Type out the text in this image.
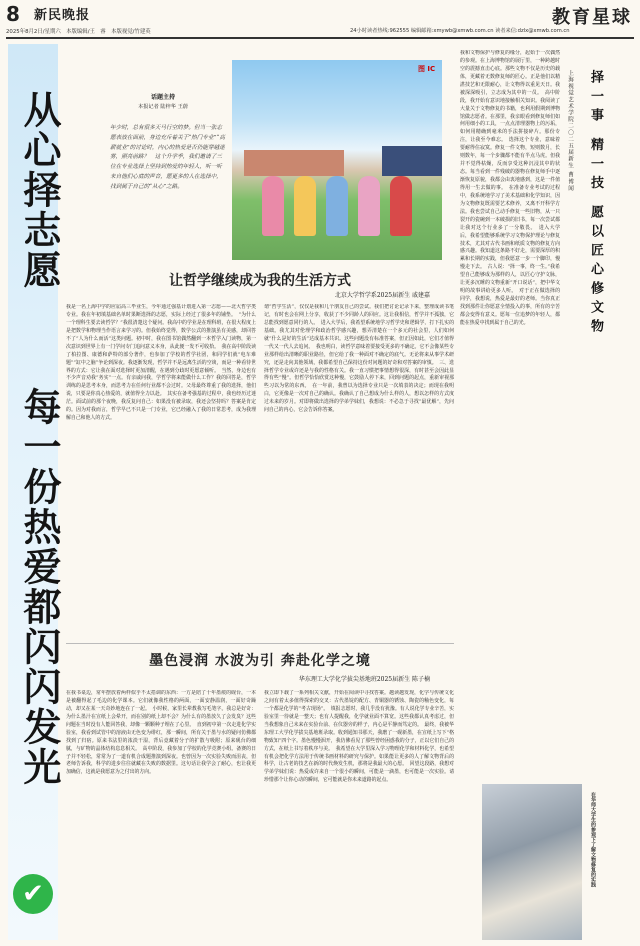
8 新民晚报	教育星球
2025年8月2日/星期六　本版编辑/王　睿　本版视觉/竹建英	24小时读者热线:962555 编辑邮箱:xmywb@xmwb.com.cn 读者来信:dzlx@xmwb.com.cn
从心择志愿
每一份热爱都闪闪发光
✔
话题主持
本报记者 陆梓华 王蔚
年少时，总有很多天马行空的梦。但当一张志愿表放在面前，身边充斥着关于“热门专业”“高薪就业”的讨论时，内心的热爱是否仍能穿越迷雾，照亮前路？　这个升学季，我们邀请了三位在专业选择上坚持到热爱的年轻人，听一听来自他们心底的声音，愿更多的人在选择中，找到属于自己的“从心”之路。
图 IC
让哲学继续成为我的生活方式
北京大学哲学系2025届新生 戚建嘉
我是一名上海中学的应届高三毕业生，今年通过强基计划进入第一志愿——北大哲学类专业。我在年初填基础名单时果断选择的志愿，实际上经过了很多年的铺垫。　“为什么一个理科生要去读哲学？”我很清楚这个疑问。我高中的学业是在理科班，在很大程度上是把数学和物理当作语言来学习的。但我始终觉得，数学公式的推演虽有美感，却回答不了“人为什么而活”这类问题。初中时，我在图书馆偶然翻到一本哲学入门读物，第一次意识到世界上有一门学问专门追问意义本身，从此便一发不可收拾。　我在高中阶段读了柏拉图、康德和萨特的部分著作，也参加了学校的哲学社团，和同学们就“电车难题”“缸中之脑”争论到深夜。我逐渐发现，哲学并不是远离生活的空谈，而是一种看待世界的方式：它让我在面对选择时更加清醒，在遇到分歧时更愿意倾听。　当然，身边也有不少声音劝我“务实”一点。有亲戚问我，学哲学将来能做什么工作？我的回答是，哲学训练的是思考本身，而思考力在任何行业都不会过时。父母最终尊重了我的选择，他们说，只要是你真心热爱的，就值得全力以赴。　其实在备考强基的过程中，我也经历过迷茫。面试前的那个夜晚，我反复问自己：如果没有被录取，我还会坚持吗？答案是肯定的。因为对我而言，哲学早已不只是一门专业，它已经融入了我的日常思考，成为我理解自己和他人的方式。
谓“哲学生活”，仅仅是我和几个朋友自己的尝试。我们把讨论记录下来，整理成读书笔记，有时也会在网上分享，收获了不少同龄人的回应。这让我相信，哲学并不孤独，它总能找到愿意同行的人。　进入大学后，我希望系统地学习哲学史和逻辑学，打下扎实的基础。我尤其对伦理学和政治哲学感兴趣，想弄清楚在一个多元的社会里，人们如何就“什么是好的生活”达成基本共识。这些问题没有标准答案，但正因如此，它们才值得一代又一代人去追问。　我也明白，读哲学意味着要接受更多的不确定。它不会像某些专业那样给出清晰的职业路径，但它给了我一种面对不确定的底气。无论将来从事学术研究，还是走向其他领域，我都希望自己保持这份对问题的好奇和对答案的审慎。　三、选择哲学专业或许还是与我的性格有关。我一直习惯把事情想得很深，有时甚至会因此显得有些“慢”。但哲学恰恰欣赏这种慢，它鼓励人停下来，回到问题的起点，重新审视那些习以为常的东西。　在一年前，我曾以为选择专业只是一次填表的决定；而现在我明白，它更像是一次对自己的确认。我确认了自己想成为什么样的人，想以怎样的方式度过未来的岁月。对即将做出选择的学弟学妹们，我想说：不必急于寻找“最优解”，先问问自己的内心，它会告诉你答案。
墨色浸润 水波为引 奔赴化学之境
华东理工大学化学拔尖基地班2025届新生 陈子楠
在我书桌边，常年摆放着两样似乎不太搭调的东西：一方是陪了十年墨痕的砚台，一本是被翻得起了毛边的化学课本。它们就像我性格的两面，一面安静温润，一面好奇躁动，却又在某一天奇妙地连在了一起。　小时候，家里长辈教我写毛笔字。我总是好奇：为什么墨汁在宣纸上会晕开，而在别的纸上却不会？为什么有的墨放久了会发臭？这些问题在当时没有人能回答我，却像一颗颗种子埋在了心里。　直到初中第一次走进化学实验室，我看到试管中的溶液由无色变为绯红，那一瞬间，所有关于墨与水的疑问仿佛都找到了归宿。原来书法里的浓淡干湿，背后竟藏着分子的扩散与吸附；原来砚台的细腻，与矿物的晶体结构息息相关。　高中阶段，我参加了学校的化学竞赛小组。备赛的日子并不轻松，常常为了一道有机合成题推演到深夜。也曾因为一次实验失败而沮丧，但老师告诉我，科学的进步往往就藏在失败的数据里。这句话让我学会了耐心，也让我更加确信，这就是我愿意为之付出的方向。
我立即下载了一系列相关文献，开始在阅读中寻找答案。越读越发现，化学与传统文化之间有着太多值得探索的交叉：古代墨锭的配方、青铜器的锈蚀、陶瓷的釉色变化，每一个都是化学的“考古现场”。　填报志愿时，我几乎没有犹豫。有人说化学专业辛苦，实验室里一待就是一整天；也有人提醒我，化学就业面不算宽。这些我都认真考虑过，但当我想象自己未来在实验台前、在仪器旁的样子，内心是平静而笃定的。　最终，我被华东理工大学化学拔尖基地班录取。收到通知书那天，我磨了一砚新墨，在宣纸上写下“格物致知”四个字。墨色慢慢洇开，我仿佛看见了那些曾经困惑我的分子，正以它们自己的方式，在纸上书写着秩序与美。　我希望在大学里深入学习物理化学和材料化学，也希望有机会把化学方法用于传统书画材料的研究与保护。如果能让更多的人了解文物背后的科学，让古老的技艺在新的时代焕发生机，那将是我最大的心愿。　回望这段路，我想对学弟学妹们说：热爱或许来自一个很小的瞬间，可能是一滴墨，也可能是一次实验。请珍惜那个让你心动的瞬间，它可能就是你未来道路的起点。
我和文物保护与修复的缘分，起始于一次偶然的参观。在上海博物馆的展厅里，一种跨越时空的震撼直击心底。那些文物不仅是历史的载体，更藏着无数修复师的匠心。正是他们以精湛技艺和无限耐心，让文物得以重见天日。我被深深吸引，立志成为其中的一员。　高中阶段，我开始有意识地接触相关知识。我阅读了大量关于文物修复的书籍，也利用假期到博物馆做志愿者。在那里，我亲眼看到修复师们如何用细小的工具，一点点清理器物上的污垢，如何用精确到毫米的手法拼接碎片。那份专注，让我至今难忘。　选择这个专业，意味着要耐得住寂寞。修复一件文物，短则数月，长则数年，每一个步骤都不能有半点马虎。但我并不觉得枯燥，反而享受这种沉浸其中的状态。每当看到一件残破的器物在修复师手中逐渐恢复原貌，我都会由衷地感到，这是一件值得用一生去做的事。　在准备专业考试的过程中，我系统地学习了美术基础和化学知识，因为文物修复既需要艺术修养，又离不开科学方法。我也尝试自己动手修复一些旧物，从一只裂开的瓷碗到一本破损的旧书，每一次尝试都让我对这个行业多了一分敬畏。　进入大学后，我希望能够系统学习文物保护理论与修复技术，尤其对古代书画和纸质文物的修复方向感兴趣。我知道这条路不好走，需要深厚的积累和长期的实践，但我愿意一步一个脚印，慢慢走下去。　古人说：“择一事，终一生。”我希望自己能够成为那样的人，以匠心守护文脉，让更多沉睡的文物重新“开口说话”，把中华文明的故事讲给更多人听。　对于正在做选择的同学，我想说，热爱是最好的老师。当你真正找到那件让你愿意全情投入的事，所有的辛苦都会变得有意义。愿每一位追梦的年轻人，都能在热爱中找到属于自己的光。	择一事 精一技 愿以匠心修文物
上海视觉艺术学院二〇二五届新生 曹博闻
在华师大学生的参观下了解文物修复的实践
